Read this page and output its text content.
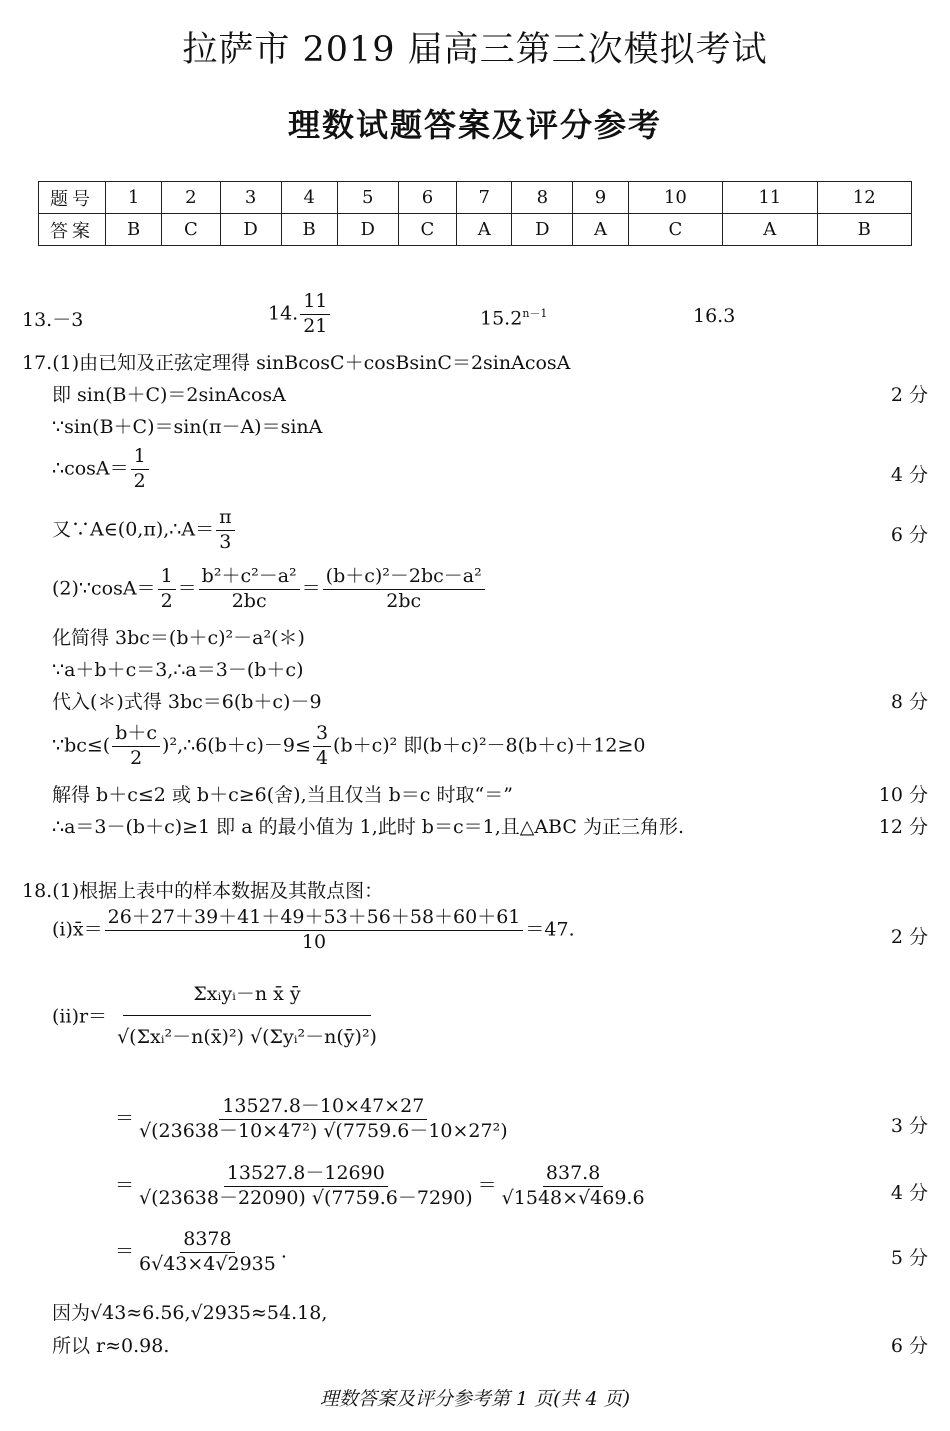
拉萨市 2019 届高三第三次模拟考试
理数试题答案及评分参考
题号	1	2	3	4	5	6	7	8	9	10	11	12
答案	B	C	D	B	D	C	A	D	A	C	A	B
13.－3	14. $\frac{11}{21}$	$15.2^{n-1}$	16.3
17.(1)由已知及正弦定理得 sinBcosC＋cosBsinC＝2sinAcosA
即 sin(B＋C)＝2sinAcosA	2 分
∵sin(B＋C)＝sin(π－A)＝sinA
∴cosA＝ $\frac{1}{2}$	4 分
又∵A∈(0,π),∴A＝ $\frac{\pi}{3}$	6 分
(2)∵cosA＝ $\frac{1}{2} = \frac{\text{b²＋c²－a²}}{2bc} = \frac{\text{(b＋c)²－2bc－a²}}{2bc}$
化简得 3bc＝(b＋c)²－a²(＊)
∵a＋b＋c＝3,∴a＝3－(b＋c)
代入(＊)式得 3bc＝6(b＋c)－9	8 分
∵bc≤( $\frac{b+c}{2}$ )²,∴6(b＋c)－9≤ $\frac{3}{4} (b+c)^2$ 即(b＋c)²－8(b＋c)＋12≥0
解得 b＋c≤2 或 b＋c≥6(舍),当且仅当 b＝c 时取“＝”	10 分
∴a＝3－(b＋c)≥1 即 a 的最小值为 1,此时 b＝c＝1,且△ABC 为正三角形.	12 分
18.(1)根据上表中的样本数据及其散点图：
(ⅰ)x̄＝ $\frac{26+27+39+41+49+53+56+58+60+61}{10} =47$.	2 分
(ⅱ)r＝ $\frac{\text{Σxᵢyᵢ－n x̄ ȳ}}{\text{√(Σxᵢ²－n(x̄)²) √(Σyᵢ²－n(ȳ)²)}}$
＝ $\frac{13527.8-10\times 47\times 27}{\text{√(23638－10×47²) √(7759.6－10×27²)}}$	3 分
＝ $\frac{13527.8-12690}{√(23638-22090) √(7759.6-7290)} = \frac{837.8}{√1548\times√469.6}$	4 分
＝ $\frac{8378}{6√43\times 4√2935}$ .	5 分
因为√43≈6.56,√2935≈54.18,
所以 r≈0.98.	6 分
理数答案及评分参考第 1 页(共 4 页)
